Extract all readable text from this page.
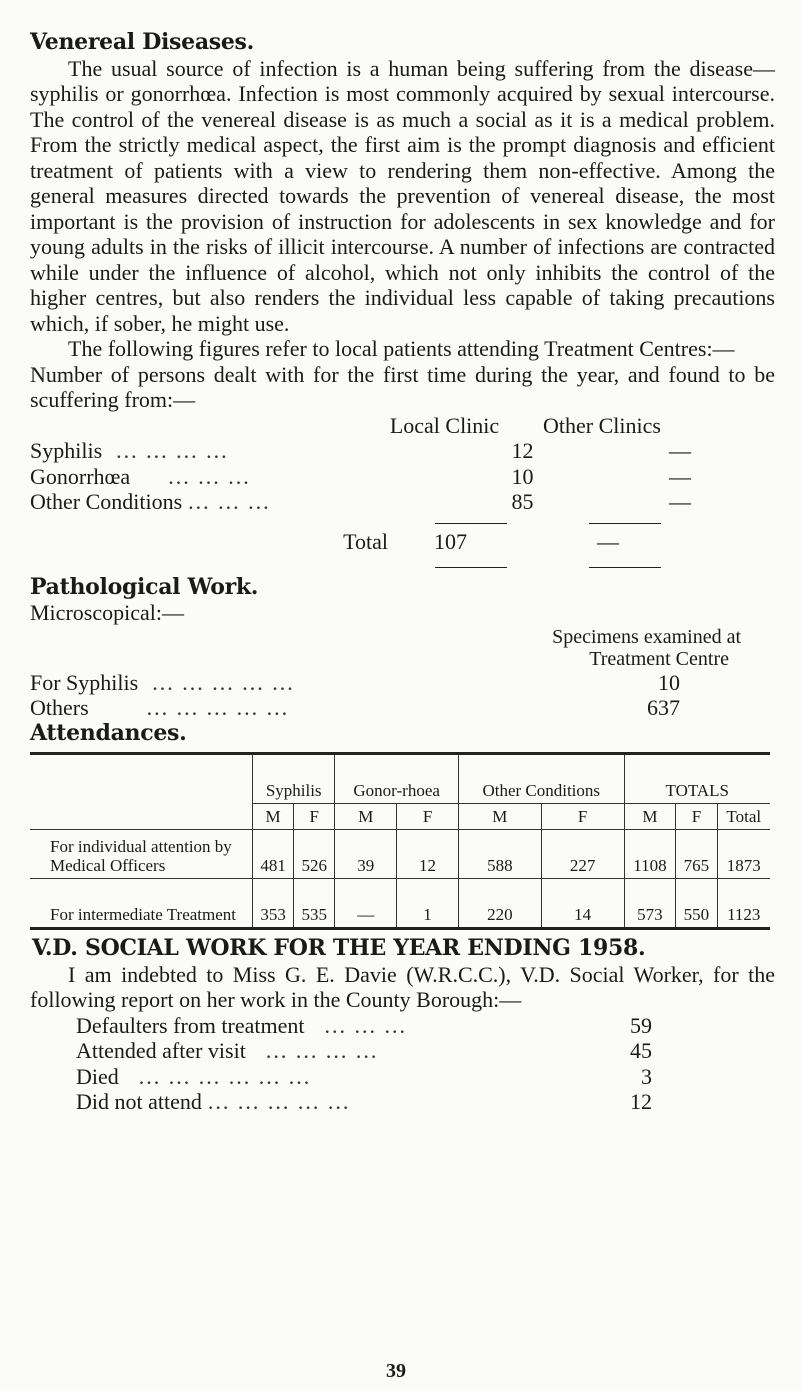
Venereal Diseases.

The usual source of infection is a human being suffering from the disease—syphilis or gonorrhœa. Infection is most commonly acquired by sexual intercourse. The control of the venereal disease is as much a social as it is a medical problem. From the strictly medical aspect, the first aim is the prompt diagnosis and efficient treatment of patients with a view to rendering them non-effective. Among the general measures directed towards the prevention of venereal disease, the most important is the provision of instruction for adolescents in sex knowledge and for young adults in the risks of illicit intercourse. A number of infections are contracted while under the influence of alcohol, which not only inhibits the control of the higher centres, but also renders the individual less capable of taking precautions which, if sober, he might use.

The following figures refer to local patients attending Treatment Centres:—

Number of persons dealt with for the first time during the year, and found to be scuffering from:—

Local Clinic	Other Clinics
Syphilis ... ... ... ...	12	—
Gonorrhœa	... ... ...	10	—
Other Conditions ... ... ...	85	—
Total	107	—
Pathological Work.
Microscopical:—
Specimens examined at
Treatment Centre
For Syphilis ... ... ... ... ...	10
Others	... ... ... ... ...	637
Attendances.
	Syphilis		Gonor-rhoea		Other Conditions		TOTALS		
	M	F	M	F	M	F	M	F	Total
For individual attention by Medical Officers	481	526	39	12	588	227	1108	765	1873
For intermediate Treatment	353	535	—	1	220	14	573	550	1123
V.D. SOCIAL WORK FOR THE YEAR ENDING 1958.

I am indebted to Miss G. E. Davie (W.R.C.C.), V.D. Social Worker, for the following report on her work in the County Borough:—

Defaulters from treatment ... ... ...	59
Attended after visit ... ... ... ...	45
Died ... ... ... ... ... ...	3
Did not attend ... ... ... ... ...	12
39
